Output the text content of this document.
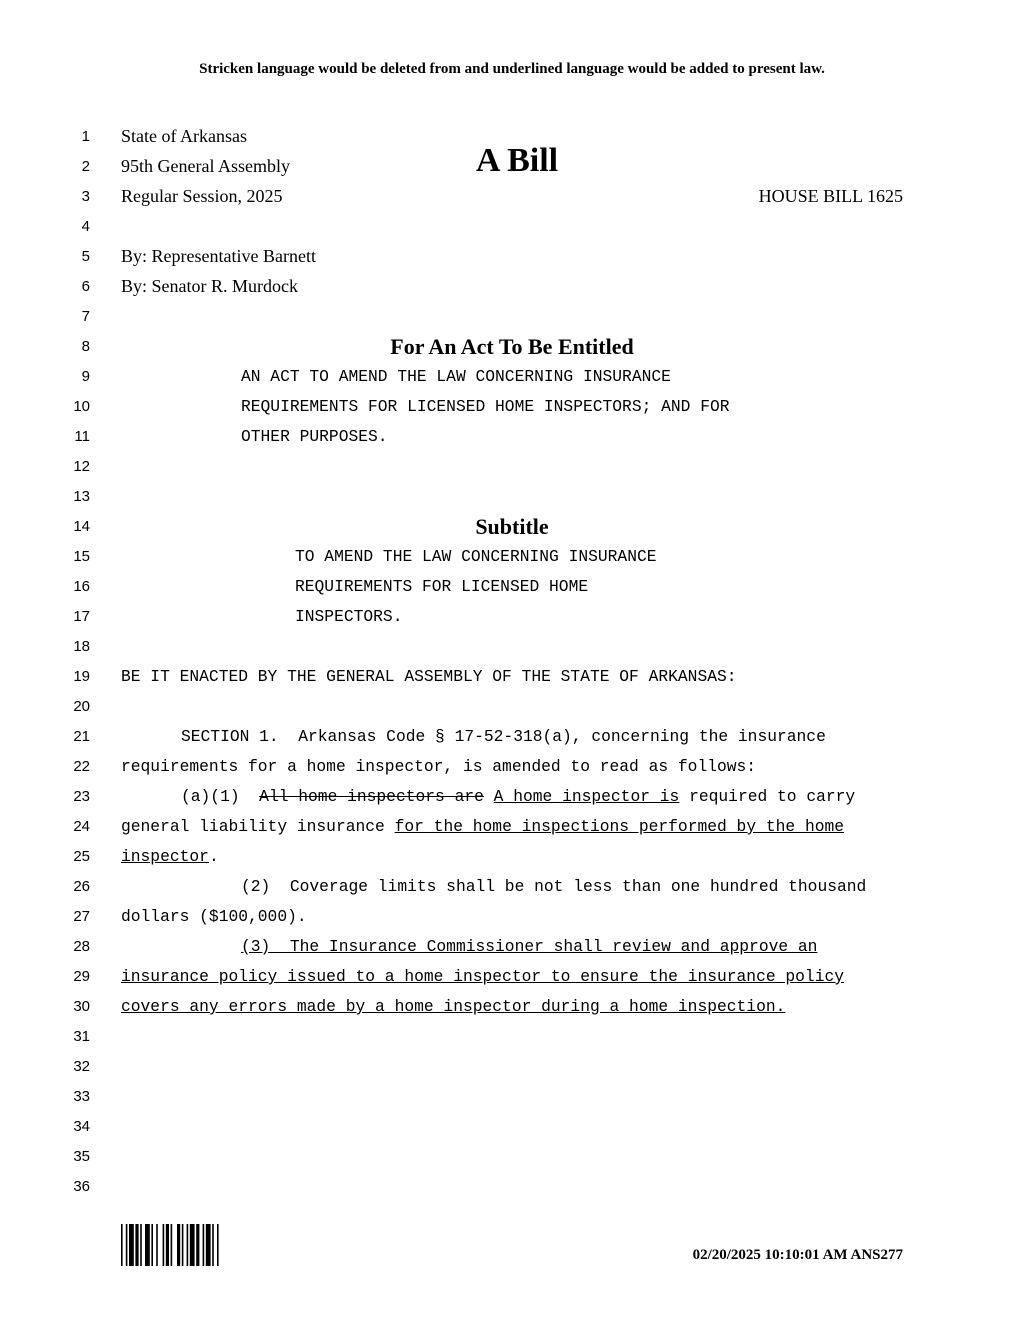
Stricken language would be deleted from and underlined language would be added to present law.
A Bill
1 State of Arkansas
2 95th General Assembly
3 Regular Session, 2025	HOUSE BILL 1625
4
5 By: Representative Barnett
6 By: Senator R. Murdock
7
8	For An Act To Be Entitled
9	AN ACT TO AMEND THE LAW CONCERNING INSURANCE
10	REQUIREMENTS FOR LICENSED HOME INSPECTORS; AND FOR
11	OTHER PURPOSES.
12
13
14	Subtitle
15	TO AMEND THE LAW CONCERNING INSURANCE
16	REQUIREMENTS FOR LICENSED HOME
17	INSPECTORS.
18
19 BE IT ENACTED BY THE GENERAL ASSEMBLY OF THE STATE OF ARKANSAS:
20
21	SECTION 1.  Arkansas Code § 17-52-318(a), concerning the insurance
22 requirements for a home inspector, is amended to read as follows:
23	(a)(1) All home inspectors are A home inspector is required to carry
24 general liability insurance for the home inspections performed by the home
25 inspector.
26	(2)  Coverage limits shall be not less than one hundred thousand
27 dollars ($100,000).
28	(3)  The Insurance Commissioner shall review and approve an
29 insurance policy issued to a home inspector to ensure the insurance policy
30 covers any errors made by a home inspector during a home inspection.
31
32
33
34
35
36
02/20/2025 10:10:01 AM ANS277
